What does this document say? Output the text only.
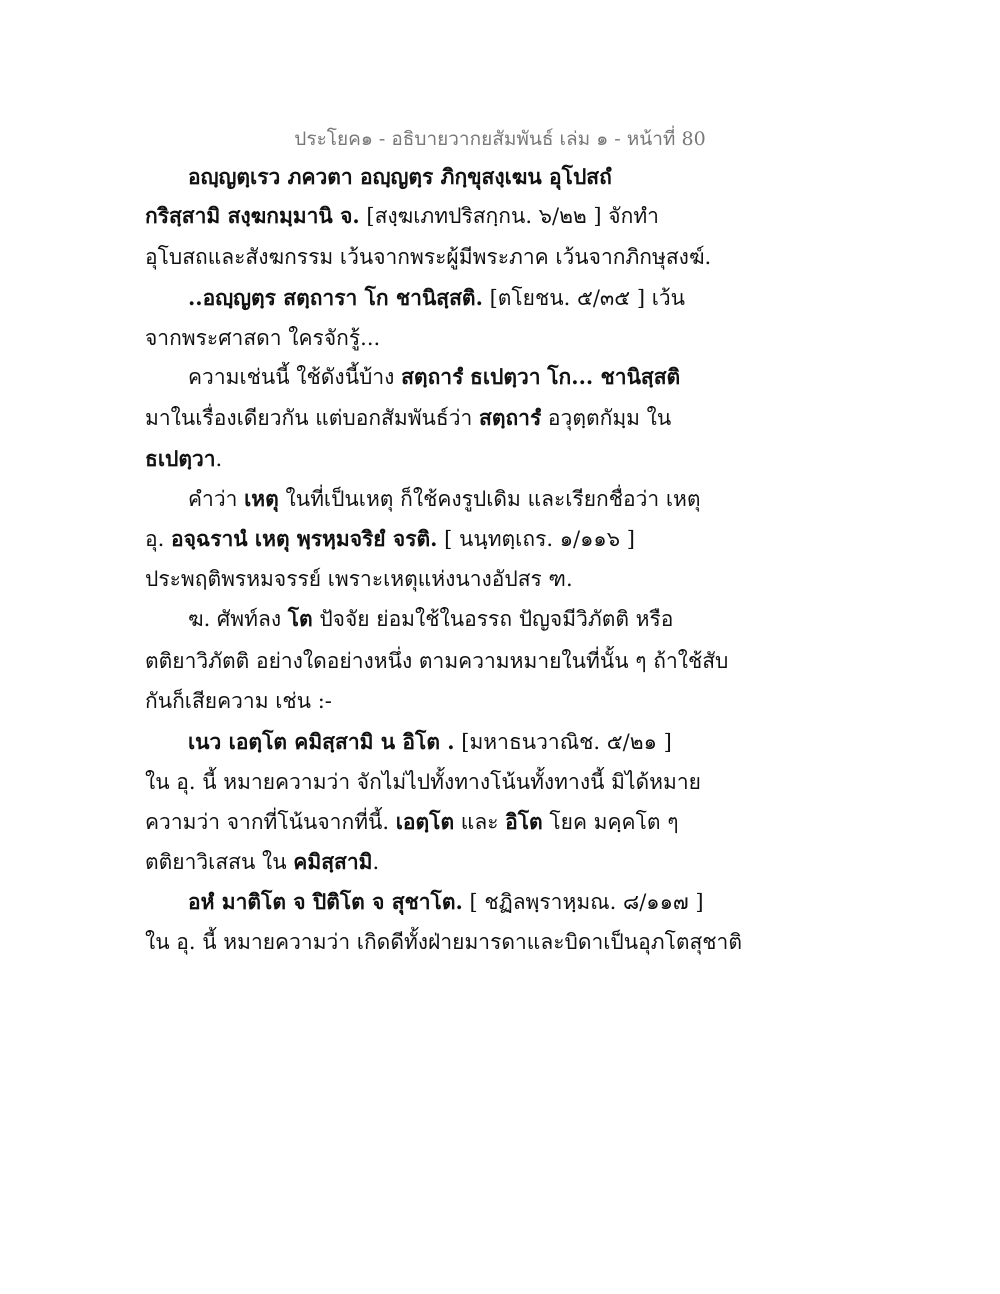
ประโยค๑ - อธิบายวากยสัมพันธ์ เล่ม ๑ - หน้าที่ 80
อญฺญตฺเรว ภควตา อญฺญตฺร ภิกฺขุสงฺเฆน อุโปสถํ
กริสฺสามิ สงฺฆกมฺมานิ จ. [สงฺฆเภทปริสกฺกน. ๖/๒๒ ] จักทำ
อุโบสถและสังฆกรรม เว้นจากพระผู้มีพระภาค เว้นจากภิกษุสงฆ์.
..อญฺญตฺร สตฺถารา โก ชานิสฺสติ. [ตโยชน. ๕/๓๕ ] เว้น
จากพระศาสดา ใครจักรู้...
ความเช่นนี้ ใช้ดังนี้บ้าง สตฺถารํ ธเปตฺวา โก... ชานิสฺสติ
มาในเรื่องเดียวกัน แต่บอกสัมพันธ์ว่า สตฺถารํ อวุตฺตกัมฺม ใน
ธเปตฺวา.
คำว่า เหตุ ในที่เป็นเหตุ ก็ใช้คงรูปเดิม และเรียกชื่อว่า เหตุ
อุ. อจฺฉรานํ เหตุ พฺรหฺมจริยํ จรติ. [ นนฺทตฺเถร. ๑/๑๑๖ ]
ประพฤติพรหมจรรย์ เพราะเหตุแห่งนางอัปสร ฑ.
ฆ. ศัพท์ลง โต ปัจจัย ย่อมใช้ในอรรถ ปัญจมีวิภัตติ หรือ
ตติยาวิภัตติ อย่างใดอย่างหนึ่ง ตามความหมายในที่นั้น ๆ ถ้าใช้สับ
กันก็เสียความ เช่น :-
เนว เอตฺโต คมิสฺสามิ น อิโต . [มหาธนวาณิช. ๕/๒๑ ]
ใน อุ. นี้ หมายความว่า จักไม่ไปทั้งทางโน้นทั้งทางนี้ มิได้หมาย
ความว่า จากที่โน้นจากที่นี้. เอตฺโต และ อิโต โยค มคฺคโต ๆ
ตติยาวิเสสน ใน คมิสฺสามิ.
อหํ มาติโต จ ปิติโต จ สุชาโต. [ ชฏิลพฺราหฺมณ. ๘/๑๑๗ ]
ใน อุ. นี้ หมายความว่า เกิดดีทั้งฝ่ายมารดาและบิดาเป็นอุภโตสุชาติ
